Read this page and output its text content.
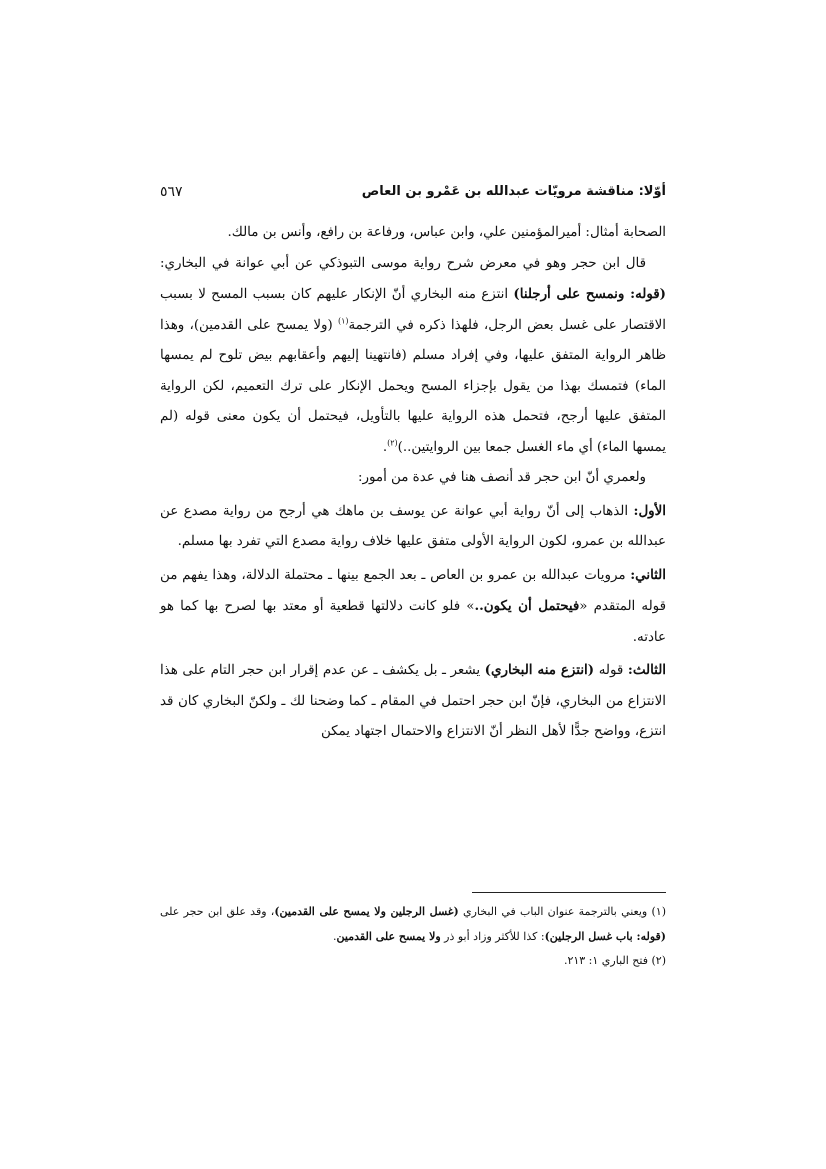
أوّلا: مناقشة مرويّات عبدالله بن عَمْرو بن العاص
٥٦٧

الصحابة أمثال: أميرالمؤمنين علي، وابن عباس، ورفاعة بن رافع، وأنس بن مالك.

قال ابن حجر وهو في معرض شرح رواية موسى التبوذكي عن أبي عوانة في البخاري: (قوله: ونمسح على أرجلنا) انتزع منه البخاري أنّ الإنكار عليهم كان بسبب المسح لا بسبب الاقتصار على غسل بعض الرجل، فلهذا ذكره في الترجمة$^{(١)}$ (ولا يمسح على القدمين)، وهذا ظاهر الرواية المتفق عليها، وفي إفراد مسلم (فانتهينا إليهم وأعقابهم بيض تلوح لم يمسها الماء) فتمسك بهذا من يقول بإجزاء المسح ويحمل الإنكار على ترك التعميم، لكن الرواية المتفق عليها أرجح، فتحمل هذه الرواية عليها بالتأويل، فيحتمل أن يكون معنى قوله (لم يمسها الماء) أي ماء الغسل جمعا بين الروايتين..)$^{(٢)}$.

ولعمري أنّ ابن حجر قد أنصف هنا في عدة من أمور:

الأول: الذهاب إلى أنّ رواية أبي عوانة عن يوسف بن ماهك هي أرجح من رواية مصدع عن عبدالله بن عمرو، لكون الرواية الأولى متفق عليها خلاف رواية مصدع التي تفرد بها مسلم.

الثاني: مرويات عبدالله بن عمرو بن العاص ـ بعد الجمع بينها ـ محتملة الدلالة، وهذا يفهم من قوله المتقدم «فيحتمل أن يكون..» فلو كانت دلالتها قطعية أو معتد بها لصرح بها كما هو عادته.

الثالث: قوله (انتزع منه البخاري) يشعر ـ بل يكشف ـ عن عدم إقرار ابن حجر التام على هذا الانتزاع من البخاري، فإنّ ابن حجر احتمل في المقام ـ كما وضحنا لك ـ ولكنّ البخاري كان قد انتزع، وواضح جدًّا لأهل النظر أنّ الانتزاع والاحتمال اجتهاد يمكن

(١) ويعني بالترجمة عنوان الباب في البخاري (غسل الرجلين ولا يمسح على القدمين)، وقد علق ابن حجر على (قوله: باب غسل الرجلين): كذا للأكثر وزاد أبو ذر ولا يمسح على القدمين.

(٢) فتح الباري ١: ٢١٣.
